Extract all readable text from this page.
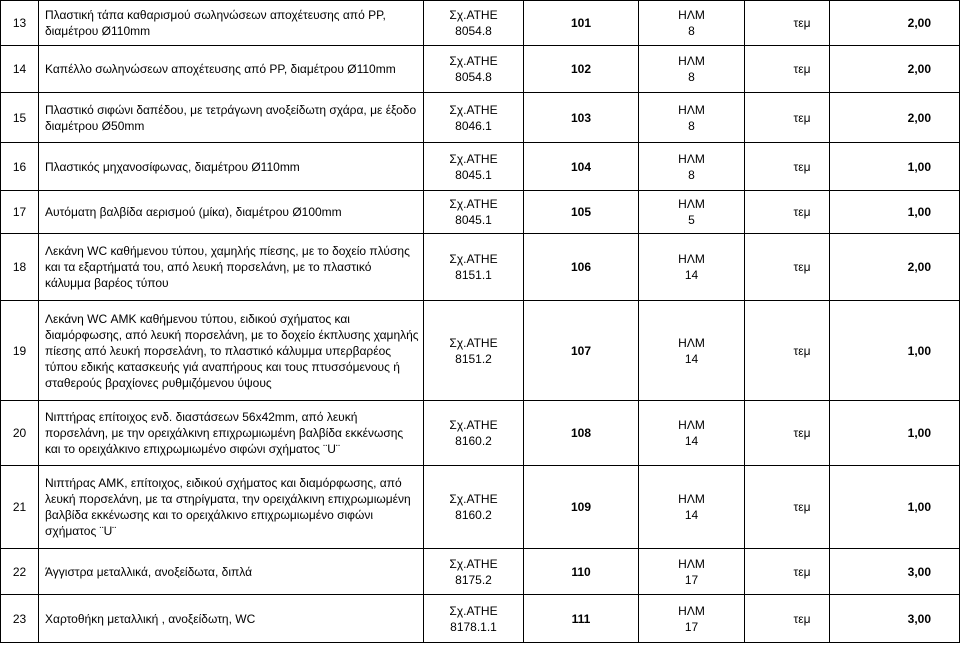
13	Πλαστική τάπα καθαρισμού σωληνώσεων αποχέτευσης από PP,
διαμέτρου Ø110mm	Σχ.ΑΤΗΕ
8054.8	101	ΗΛΜ
8	τεμ	2,00
14	Καπέλλο σωληνώσεων αποχέτευσης από PP, διαμέτρου Ø110mm	Σχ.ΑΤΗΕ
8054.8	102	ΗΛΜ
8	τεμ	2,00
15	Πλαστικό σιφώνι δαπέδου, με τετράγωνη ανοξείδωτη σχάρα, με έξοδο
διαμέτρου Ø50mm	Σχ.ΑΤΗΕ
8046.1	103	ΗΛΜ
8	τεμ	2,00
16	Πλαστικός μηχανοσίφωνας, διαμέτρου Ø110mm	Σχ.ΑΤΗΕ
8045.1	104	ΗΛΜ
8	τεμ	1,00
17	Αυτόματη βαλβίδα αερισμού (μίκα), διαμέτρου Ø100mm	Σχ.ΑΤΗΕ
8045.1	105	ΗΛΜ
5	τεμ	1,00
18	Λεκάνη WC καθήμενου τύπου, χαμηλής πίεσης, με το δοχείο πλύσης
και τα εξαρτήματά του, από λευκή πορσελάνη, με το πλαστικό
κάλυμμα βαρέος τύπου	Σχ.ΑΤΗΕ
8151.1	106	ΗΛΜ
14	τεμ	2,00
19	Λεκάνη WC ΑΜΚ καθήμενου τύπου, ειδικού σχήματος και
διαμόρφωσης, από λευκή πορσελάνη, με το δοχείο έκπλυσης χαμηλής
πίεσης από λευκή πορσελάνη, το πλαστικό κάλυμμα υπερβαρέος
τύπου εδικής κατασκευής γιά αναπήρους και τους πτυσσόμενους ή
σταθερούς βραχίονες ρυθμιζόμενου ύψους	Σχ.ΑΤΗΕ
8151.2	107	ΗΛΜ
14	τεμ	1,00
20	Νιπτήρας επίτοιχος ενδ. διαστάσεων 56x42mm, από λευκή
πορσελάνη, με την ορειχάλκινη επιχρωμιωμένη βαλβίδα εκκένωσης
και το ορειχάλκινο επιχρωμιωμένο σιφώνι σχήματος ¨U¨	Σχ.ΑΤΗΕ
8160.2	108	ΗΛΜ
14	τεμ	1,00
21	Νιπτήρας ΑΜΚ, επίτοιχος, ειδικού σχήματος και διαμόρφωσης, από
λευκή πορσελάνη, με τα στηρίγματα, την ορειχάλκινη επιχρωμιωμένη
βαλβίδα εκκένωσης και το ορειχάλκινο επιχρωμιωμένο σιφώνι
σχήματος ¨U¨	Σχ.ΑΤΗΕ
8160.2	109	ΗΛΜ
14	τεμ	1,00
22	Άγγιστρα μεταλλικά, ανοξείδωτα, διπλά	Σχ.ΑΤΗΕ
8175.2	110	ΗΛΜ
17	τεμ	3,00
23	Χαρτοθήκη μεταλλική , ανοξείδωτη, WC	Σχ.ΑΤΗΕ
8178.1.1	111	ΗΛΜ
17	τεμ	3,00
